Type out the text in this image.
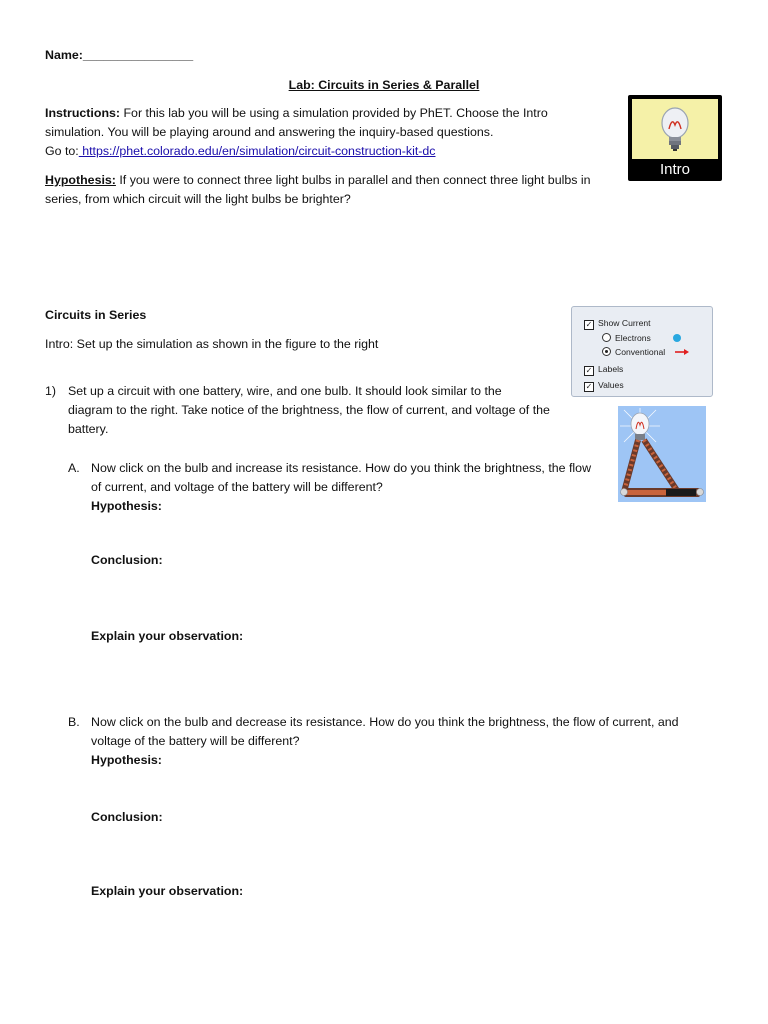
Name:________________
Lab: Circuits in Series & Parallel
Instructions: For this lab you will be using a simulation provided by PhET. Choose the Intro
simulation. You will be playing around and answering the inquiry-based questions.
Go to: https://phet.colorado.edu/en/simulation/circuit-construction-kit-dc
Intro
Hypothesis: If you were to connect three light bulbs in parallel and then connect three light bulbs in
series, from which circuit will the light bulbs be brighter?
Circuits in Series
Intro: Set up the simulation as shown in the figure to the right
✓ Show Current
Electrons
Conventional
✓ Labels
✓ Values
1) Set up a circuit with one battery, wire, and one bulb. It should look similar to the
diagram to the right. Take notice of the brightness, the flow of current, and voltage of the
battery.
A. Now click on the bulb and increase its resistance. How do you think the brightness, the flow
of current, and voltage of the battery will be different?
Hypothesis:
Conclusion:
Explain your observation:
B. Now click on the bulb and decrease its resistance. How do you think the brightness, the flow of current, and
voltage of the battery will be different?
Hypothesis:
Conclusion:
Explain your observation:
